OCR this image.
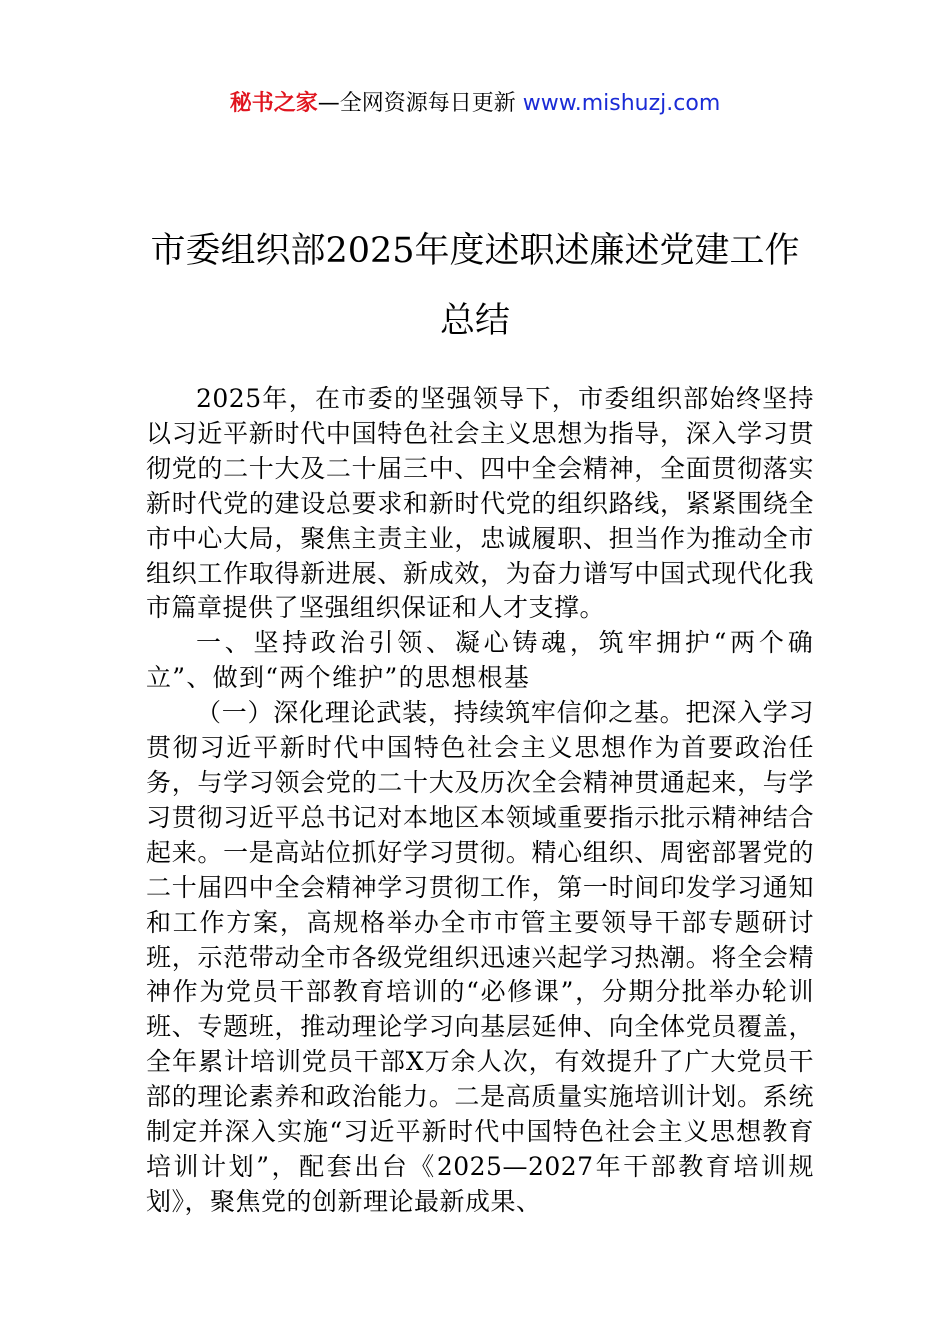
秘书之家—全网资源每日更新 www.mishuzj.com
市委组织部2025年度述职述廉述党建工作总结

2025年，在市委的坚强领导下，市委组织部始终坚持以习近平新时代中国特色社会主义思想为指导，深入学习贯彻党的二十大及二十届三中、四中全会精神，全面贯彻落实新时代党的建设总要求和新时代党的组织路线，紧紧围绕全市中心大局，聚焦主责主业，忠诚履职、担当作为推动全市组织工作取得新进展、新成效，为奋力谱写中国式现代化我市篇章提供了坚强组织保证和人才支撑。

一、坚持政治引领、凝心铸魂，筑牢拥护“两个确立”、做到“两个维护”的思想根基

（一）深化理论武装，持续筑牢信仰之基。把深入学习贯彻习近平新时代中国特色社会主义思想作为首要政治任务，与学习领会党的二十大及历次全会精神贯通起来，与学习贯彻习近平总书记对本地区本领域重要指示批示精神结合起来。一是高站位抓好学习贯彻。精心组织、周密部署党的二十届四中全会精神学习贯彻工作，第一时间印发学习通知和工作方案，高规格举办全市市管主要领导干部专题研讨班，示范带动全市各级党组织迅速兴起学习热潮。将全会精神作为党员干部教育培训的“必修课”，分期分批举办轮训班、专题班，推动理论学习向基层延伸、向全体党员覆盖，全年累计培训党员干部X万余人次，有效提升了广大党员干部的理论素养和政治能力。二是高质量实施培训计划。系统制定并深入实施“习近平新时代中国特色社会主义思想教育培训计划”，配套出台《2025—2027年干部教育培训规划》，聚焦党的创新理论最新成果、
